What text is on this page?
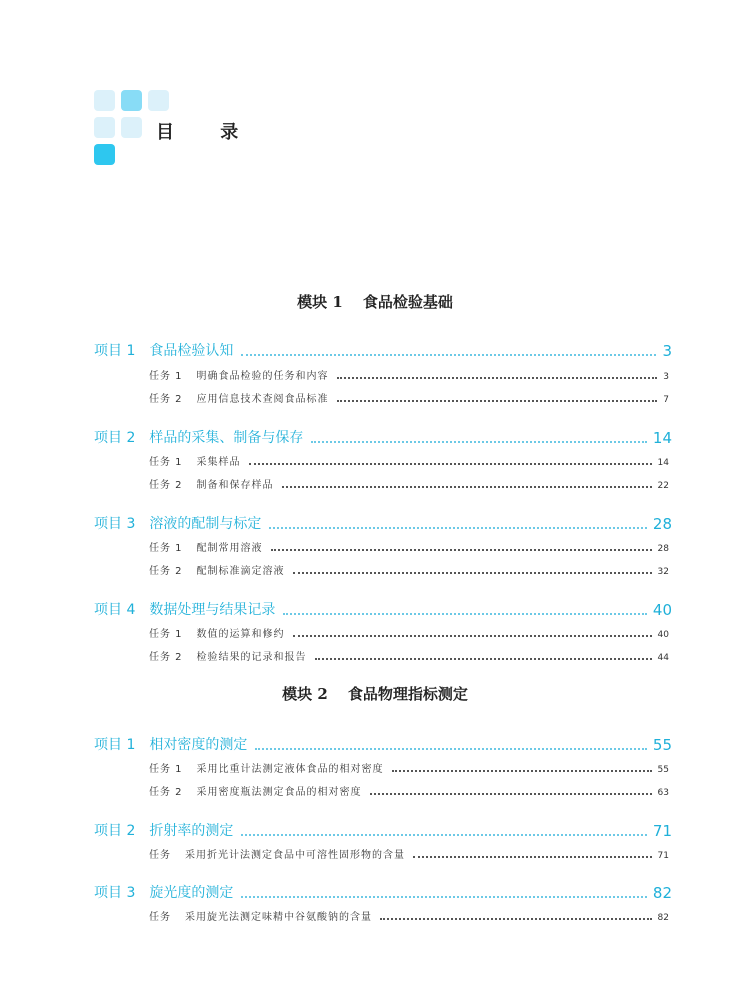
目 录
模块 1 食品检验基础
项目 1 食品检验认知	3
任务 1 明确食品检验的任务和内容	3
任务 2 应用信息技术查阅食品标准	7
项目 2 样品的采集、制备与保存	14
任务 1 采集样品	14
任务 2 制备和保存样品	22
项目 3 溶液的配制与标定	28
任务 1 配制常用溶液	28
任务 2 配制标准滴定溶液	32
项目 4 数据处理与结果记录	40
任务 1 数值的运算和修约	40
任务 2 检验结果的记录和报告	44
模块 2 食品物理指标测定
项目 1 相对密度的测定	55
任务 1 采用比重计法测定液体食品的相对密度	55
任务 2 采用密度瓶法测定食品的相对密度	63
项目 2 折射率的测定	71
任务 采用折光计法测定食品中可溶性固形物的含量	71
项目 3 旋光度的测定	82
任务 采用旋光法测定味精中谷氨酸钠的含量	82
